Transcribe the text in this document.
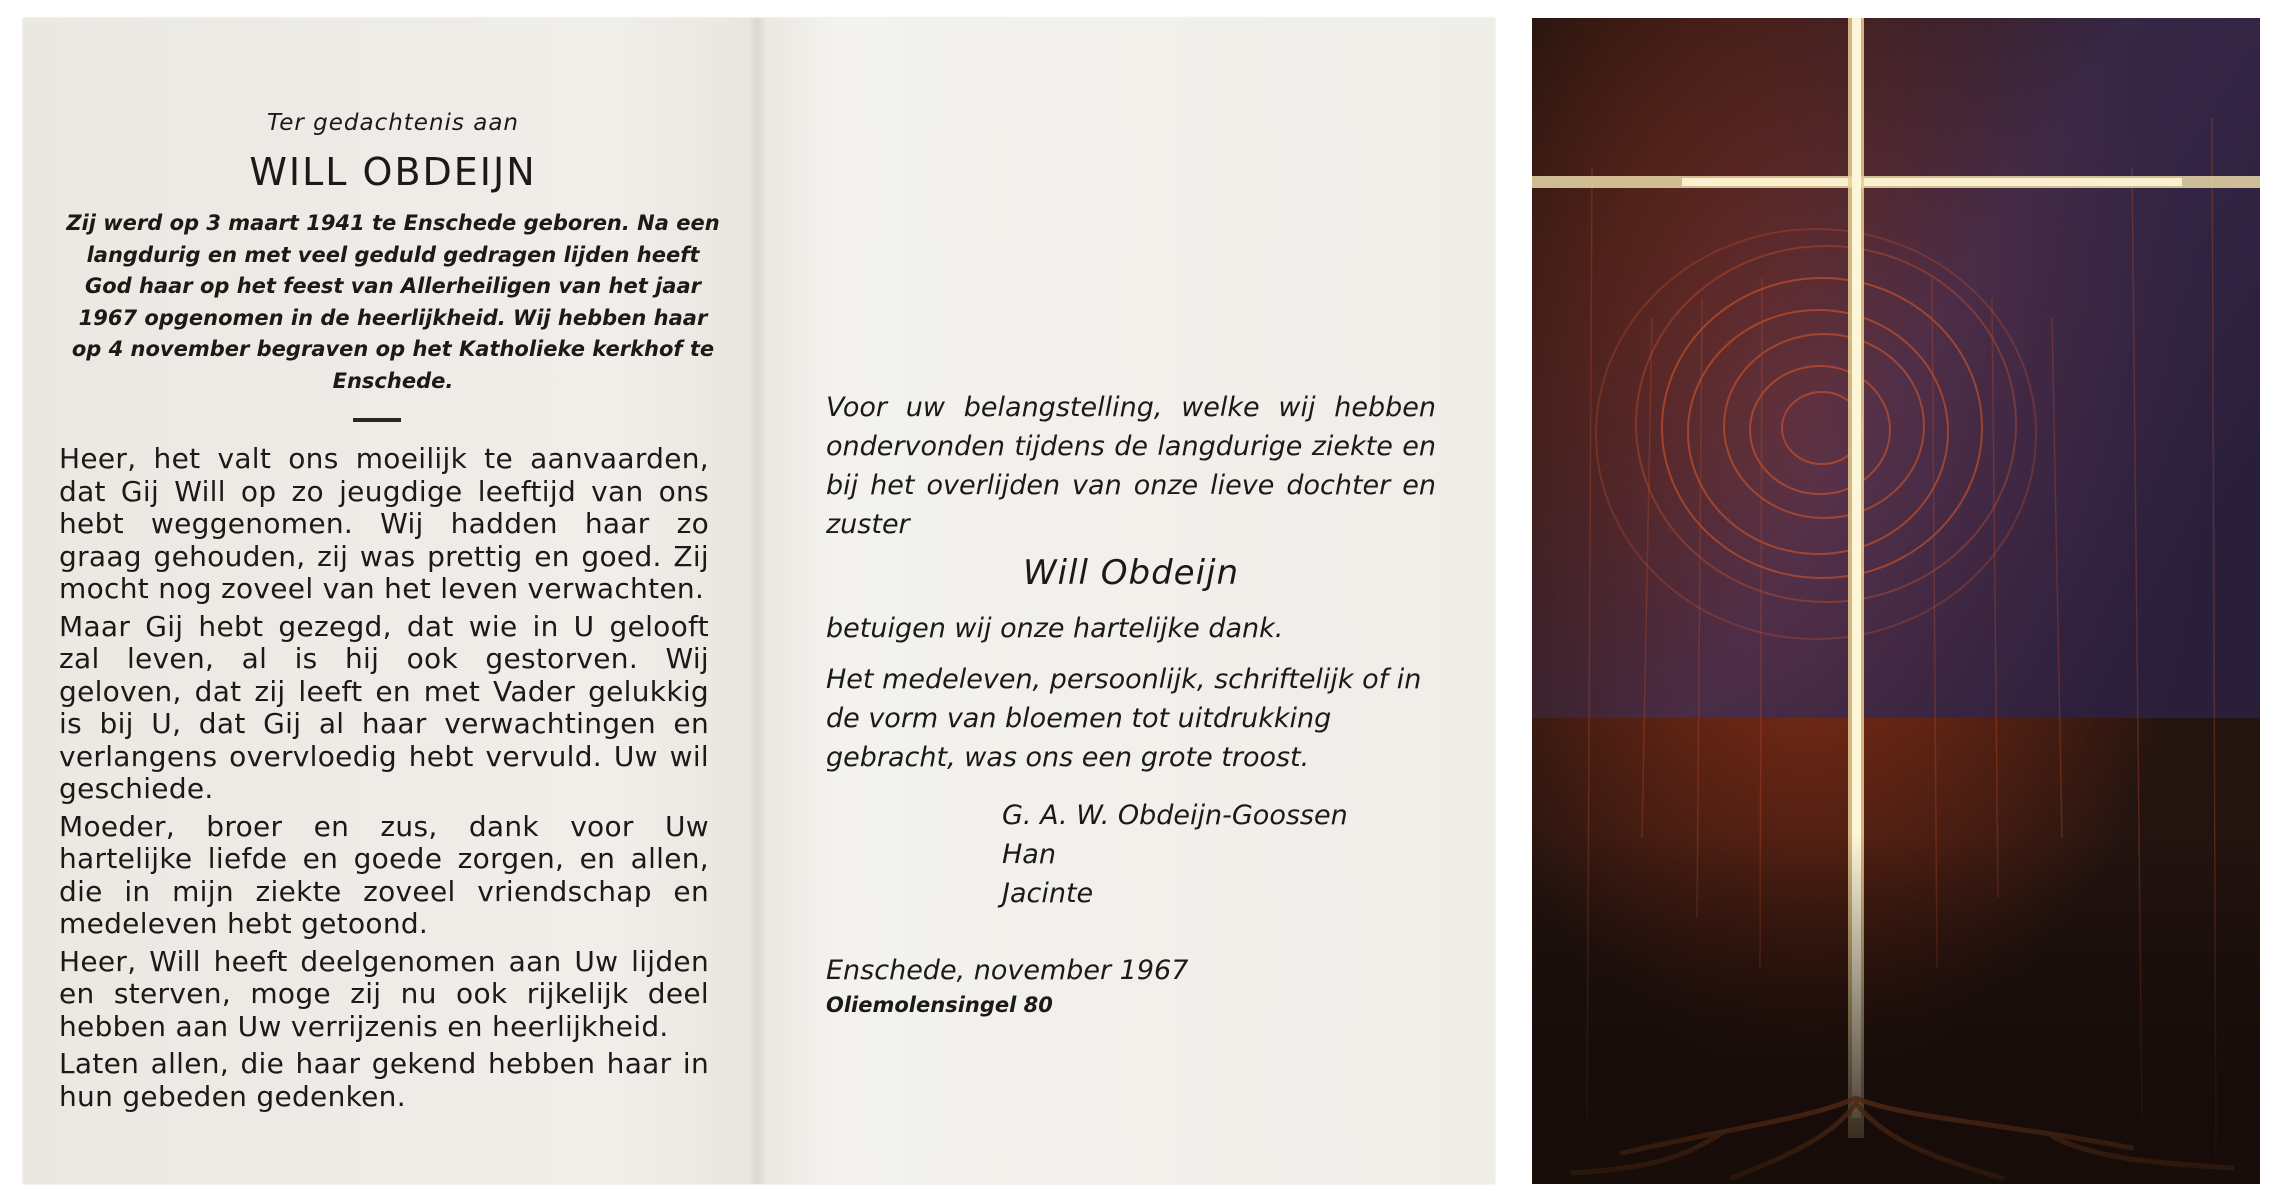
Ter gedachtenis aan
WILL OBDEIJN
Zij werd op 3 maart 1941 te Enschede geboren. Na een langdurig en met veel geduld gedragen lijden heeft God haar op het feest van Allerheiligen van het jaar 1967 opgenomen in de heerlijkheid. Wij hebben haar op 4 november begraven op het Katholieke kerkhof te Enschede.

Heer, het valt ons moeilijk te aanvaarden, dat Gij Will op zo jeugdige leeftijd van ons hebt weggenomen. Wij hadden haar zo graag gehouden, zij was prettig en goed. Zij mocht nog zoveel van het leven verwachten.

Maar Gij hebt gezegd, dat wie in U gelooft zal leven, al is hij ook gestorven. Wij geloven, dat zij leeft en met Vader gelukkig is bij U, dat Gij al haar verwachtingen en verlangens overvloedig hebt vervuld. Uw wil geschiede.

Moeder, broer en zus, dank voor Uw hartelijke liefde en goede zorgen, en allen, die in mijn ziekte zoveel vriendschap en medeleven hebt getoond.

Heer, Will heeft deelgenomen aan Uw lijden en sterven, moge zij nu ook rijkelijk deel hebben aan Uw verrijzenis en heerlijkheid.

Laten allen, die haar gekend hebben haar in hun gebeden gedenken.

Voor uw belangstelling, welke wij hebben ondervonden tijdens de langdurige ziekte en bij het overlijden van onze lieve dochter en zuster
Will Obdeijn
betuigen wij onze hartelijke dank.
Het medeleven, persoonlijk, schriftelijk of in de vorm van bloemen tot uitdrukking gebracht, was ons een grote troost.
G. A. W. Obdeijn-Goossen
Han
Jacinte
Enschede, november 1967
Oliemolensingel 80
